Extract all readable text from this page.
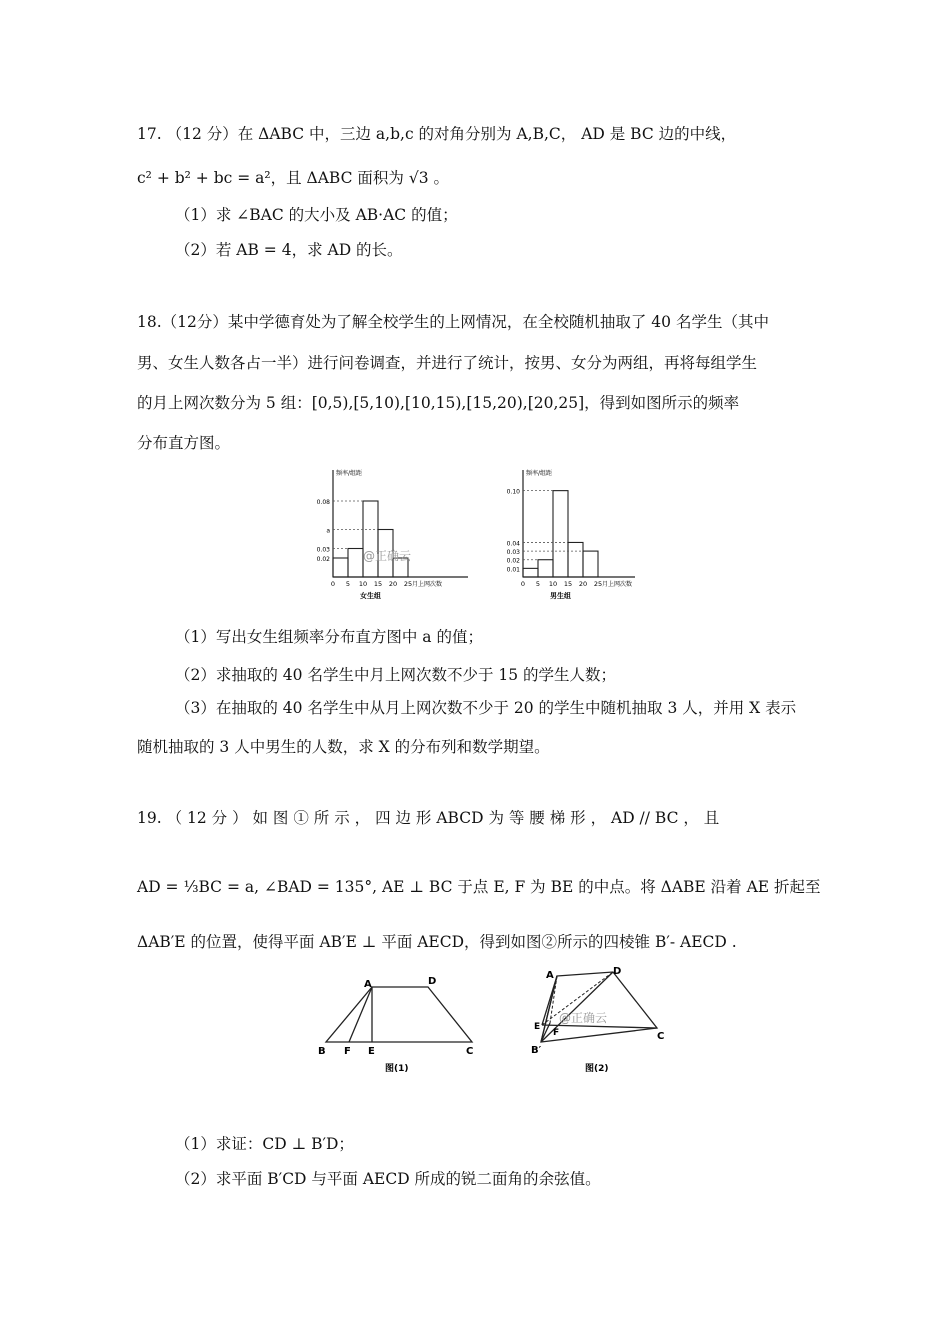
17. （12 分）在 ΔABC 中，三边 a,b,c 的对角分别为 A,B,C， AD 是 BC 边的中线，
c² + b² + bc = a²，且 ΔABC 面积为 √3 。
（1）求 ∠BAC 的大小及 AB·AC 的值；
（2）若 AB = 4，求 AD 的长。
18.（12分）某中学德育处为了解全校学生的上网情况，在全校随机抽取了 40 名学生（其中
男、女生人数各占一半）进行问卷调查，并进行了统计，按男、女分为两组，再将每组学生
的月上网次数分为 5 组：[0,5),[5,10),[10,15),[15,20),[20,25]，得到如图所示的频率
分布直方图。
0.08
a
0.03
0.02
0 5 10 15 20 25 月上网次数
频率/组距
女生组
@正确云
0.10
0.04
0.03
0.02
0.01
0 5 10 15 20 25 月上网次数
频率/组距
男生组
（1）写出女生组频率分布直方图中 a 的值；
（2）求抽取的 40 名学生中月上网次数不少于 15 的学生人数；
（3）在抽取的 40 名学生中从月上网次数不少于 20 的学生中随机抽取 3 人，并用 X 表示
随机抽取的 3 人中男生的人数，求 X 的分布列和数学期望。
19. （ 12 分 ） 如 图 ① 所 示 ， 四 边 形 ABCD 为 等 腰 梯 形 ， AD // BC ， 且
AD = ⅓BC = a, ∠BAD = 135°, AE ⊥ BC 于点 E, F 为 BE 的中点。将 ΔABE 沿着 AE 折起至
ΔAB′E 的位置，使得平面 AB′E ⊥ 平面 AECD，得到如图②所示的四棱锥 B′- AECD .
A	D
B F E	C
图(1)
A	D
E
F
B′
C
@正确云
图(2)
（1）求证：CD ⊥ B′D；
（2）求平面 B′CD 与平面 AECD 所成的锐二面角的余弦值。
